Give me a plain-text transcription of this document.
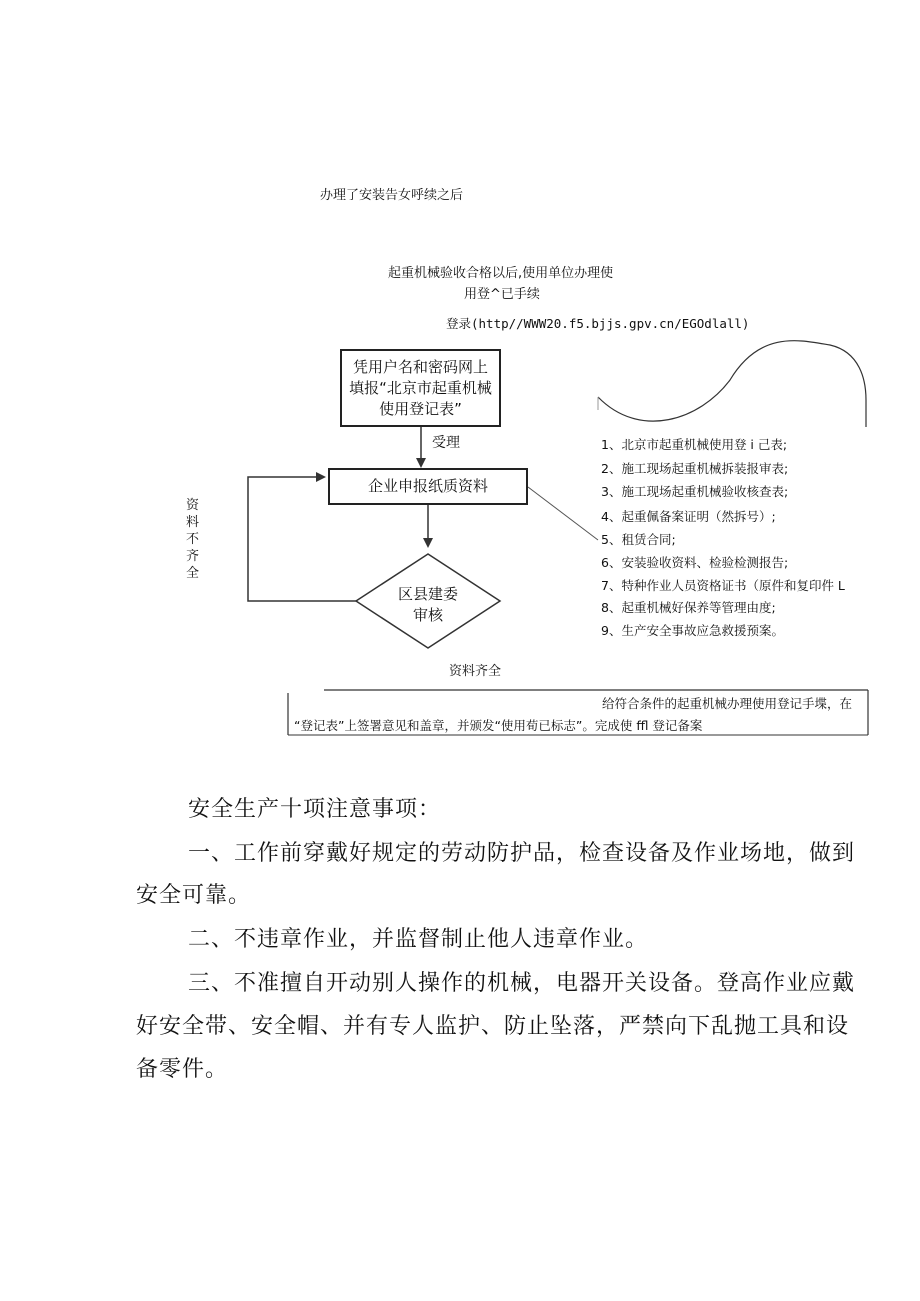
办理了安装告女呼续之后
起重机械验收合格以后,使用单位办理使
用登^已手续
登录(http//WWW20.f5.bjjs.gpv.cn/EGOdlall)
凭用户名和密码网上
填报“北京市起重机械
使用登记表”
受理
企业申报纸质资料
区县建委
审核
资料不齐全
资料齐全
1、北京市起重机械使用登 i 己表;
2、施工现场起重机械拆装报审表;
3、施工现场起重机械验收核查表;
4、起重佩备案证明（然拆号）;
5、租赁合同;
6、安装验收资料、检验检测报告;
7、特种作业人员资格证书（原件和复印件 L
8、起重机械好保养等管理由度;
9、生产安全事故应急救援预案。
给符合条件的起重机械办理使用登记手堞，在
“登记表”上签署意见和盖章，并颁发“使用荀已标志”。完成使 ffl 登记备案
安全生产十项注意事项：
一、工作前穿戴好规定的劳动防护品，检查设备及作业场地，做到
安全可靠。
二、不违章作业，并监督制止他人违章作业。
三、不准擅自开动别人操作的机械，电器开关设备。登高作业应戴
好安全带、安全帽、并有专人监护、防止坠落，严禁向下乱抛工具和设
备零件。
